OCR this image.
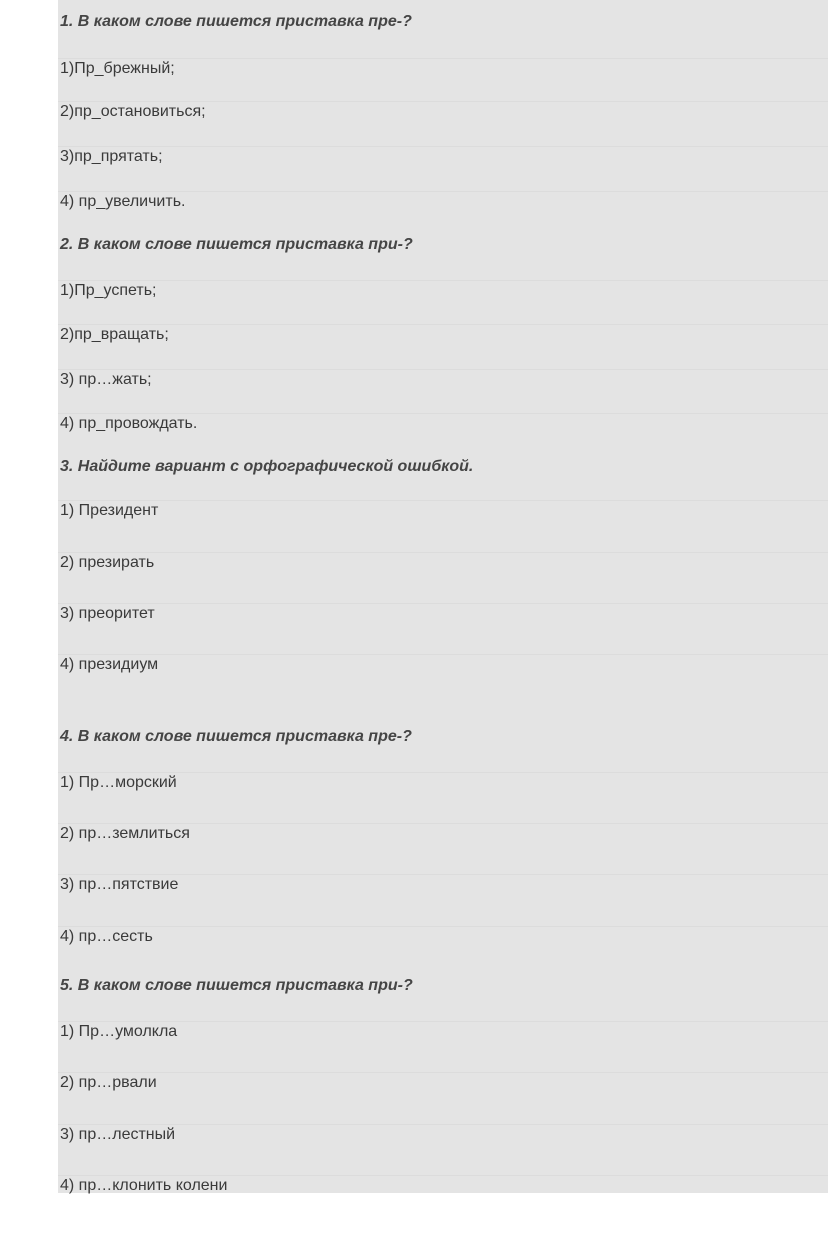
1. В каком слове пишется приставка пре-?
1)Пр_брежный;
2)пр_остановиться;
3)пр_прятать;
4) пр_увеличить.
2. В каком слове пишется приставка при-?
1)Пр_успеть;
2)пр_вращать;
3) пр…жать;
4) пр_провождать.
3. Найдите вариант с орфографической ошибкой.
1) Президент
2) презирать
3) преоритет
4) президиум
4. В каком слове пишется приставка пре-?
1) Пр…морский
2) пр…землиться
3) пр…пятствие
4) пр…сесть
5. В каком слове пишется приставка при-?
1) Пр…умолкла
2) пр…рвали
3) пр…лестный
4) пр…клонить колени
